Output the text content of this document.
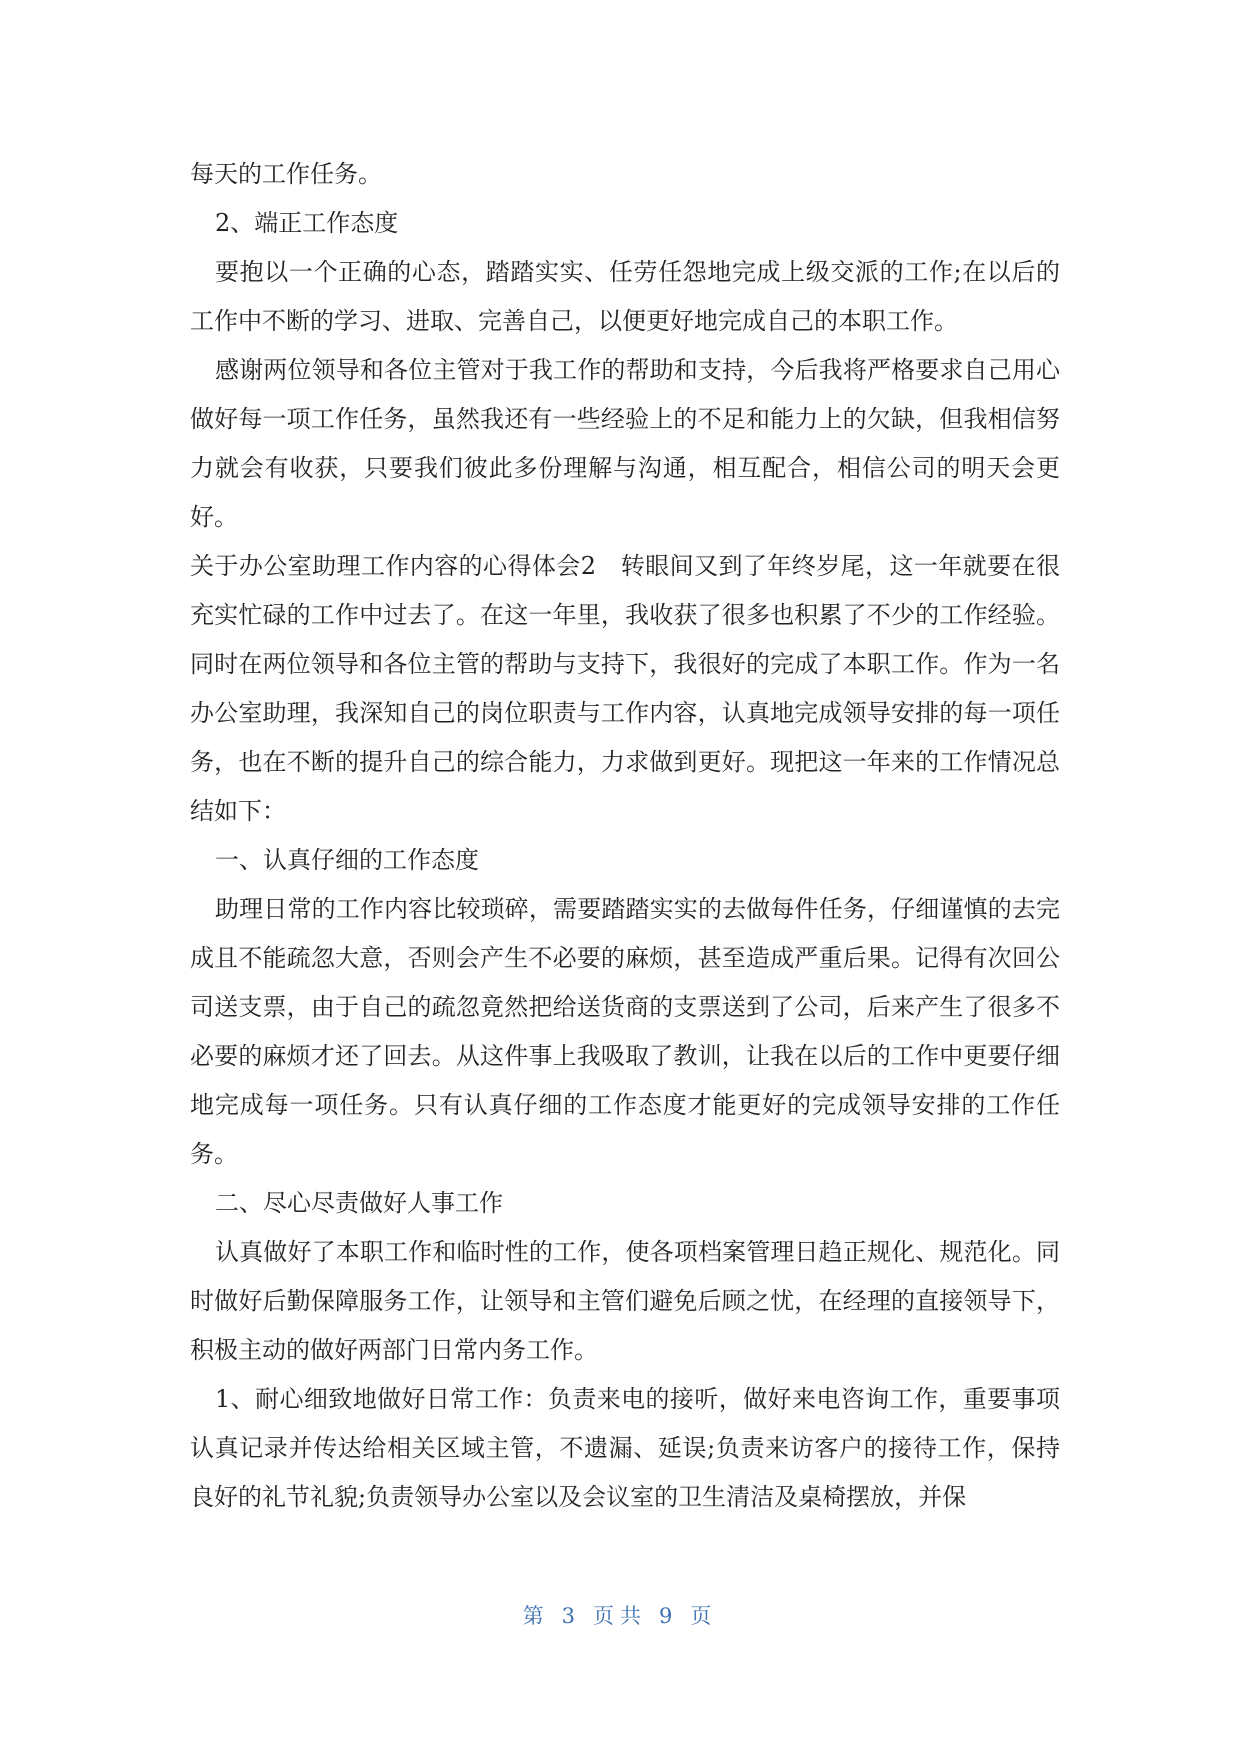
每天的工作任务。

2、端正工作态度

要抱以一个正确的心态，踏踏实实、任劳任怨地完成上级交派的工作;在以后的工作中不断的学习、进取、完善自己，以便更好地完成自己的本职工作。

感谢两位领导和各位主管对于我工作的帮助和支持，今后我将严格要求自己用心做好每一项工作任务，虽然我还有一些经验上的不足和能力上的欠缺，但我相信努力就会有收获，只要我们彼此多份理解与沟通，相互配合，相信公司的明天会更好。

关于办公室助理工作内容的心得体会2　转眼间又到了年终岁尾，这一年就要在很充实忙碌的工作中过去了。在这一年里，我收获了很多也积累了不少的工作经验。同时在两位领导和各位主管的帮助与支持下，我很好的完成了本职工作。作为一名办公室助理，我深知自己的岗位职责与工作内容，认真地完成领导安排的每一项任务，也在不断的提升自己的综合能力，力求做到更好。现把这一年来的工作情况总结如下：

一、认真仔细的工作态度

助理日常的工作内容比较琐碎，需要踏踏实实的去做每件任务，仔细谨慎的去完成且不能疏忽大意，否则会产生不必要的麻烦，甚至造成严重后果。记得有次回公司送支票，由于自己的疏忽竟然把给送货商的支票送到了公司，后来产生了很多不必要的麻烦才还了回去。从这件事上我吸取了教训，让我在以后的工作中更要仔细地完成每一项任务。只有认真仔细的工作态度才能更好的完成领导安排的工作任务。

二、尽心尽责做好人事工作

认真做好了本职工作和临时性的工作，使各项档案管理日趋正规化、规范化。同时做好后勤保障服务工作，让领导和主管们避免后顾之忧，在经理的直接领导下，积极主动的做好两部门日常内务工作。

1、耐心细致地做好日常工作：负责来电的接听，做好来电咨询工作，重要事项认真记录并传达给相关区域主管，不遗漏、延误;负责来访客户的接待工作，保持良好的礼节礼貌;负责领导办公室以及会议室的卫生清洁及桌椅摆放，并保

第 3 页共 9 页
